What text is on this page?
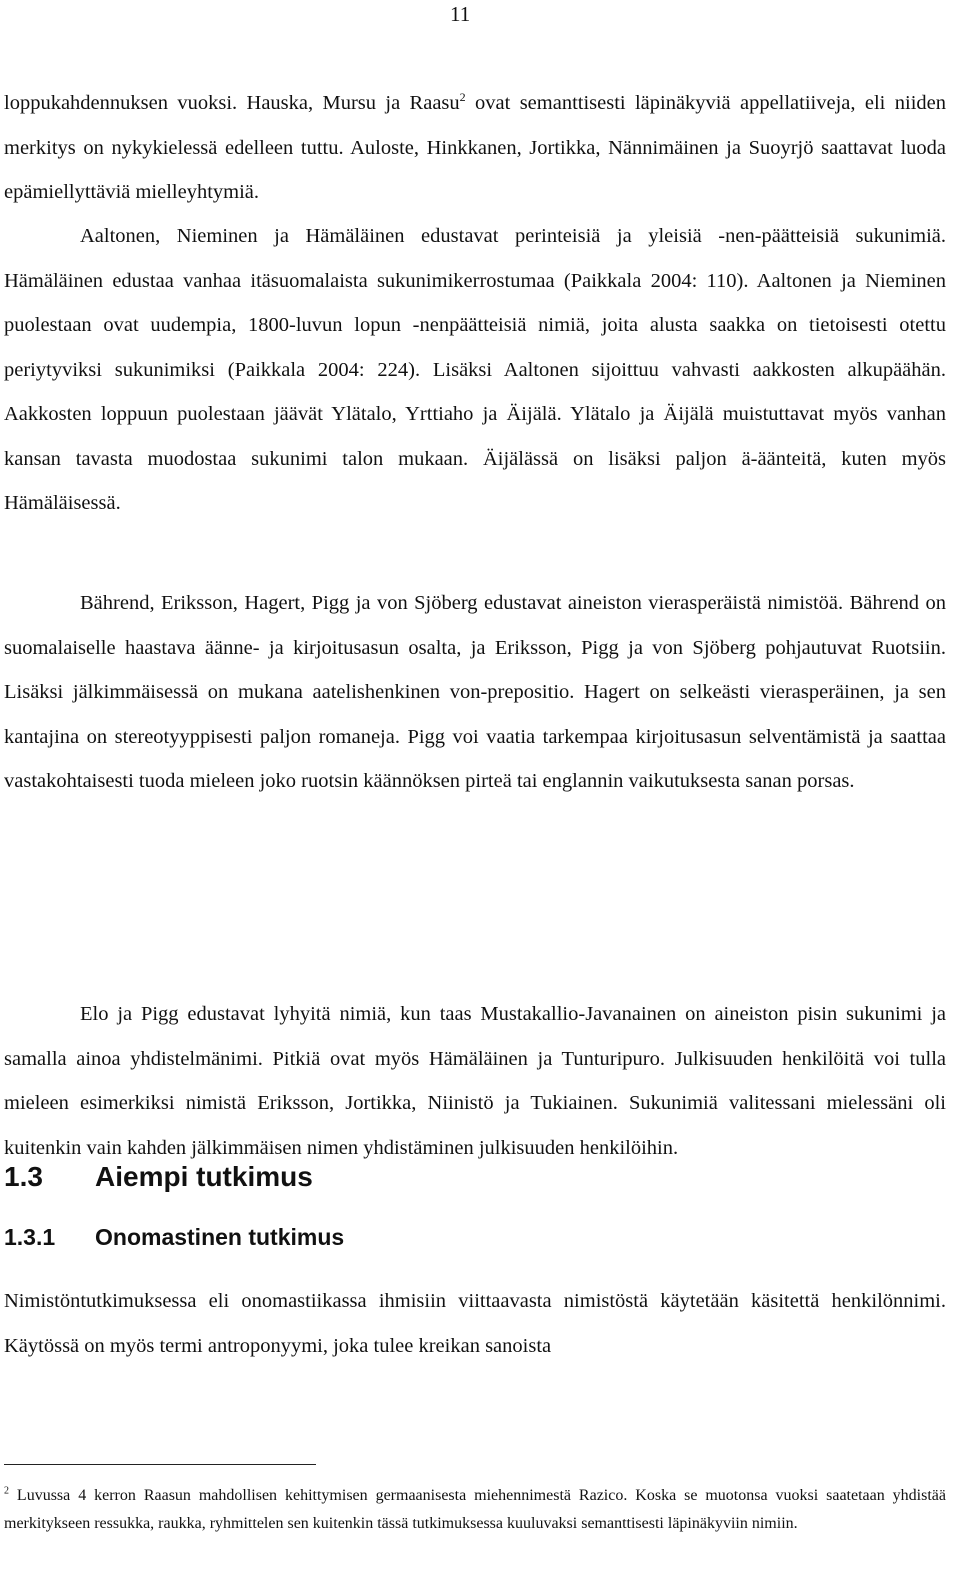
11

loppukahdennuksen vuoksi. Hauska, Mursu ja Raasu$^2$ ovat semanttisesti läpinäkyviä appellatiiveja, eli niiden merkitys on nykykielessä edelleen tuttu. Auloste, Hinkkanen, Jortikka, Nännimäinen ja Suoyrjö saattavat luoda epämiellyttäviä mielleyhtymiä.

Aaltonen, Nieminen ja Hämäläinen edustavat perinteisiä ja yleisiä -nen-päätteisiä sukunimiä. Hämäläinen edustaa vanhaa itäsuomalaista sukunimikerrostumaa (Paikkala 2004: 110). Aaltonen ja Nieminen puolestaan ovat uudempia, 1800-luvun lopun -nenpäätteisiä nimiä, joita alusta saakka on tietoisesti otettu periytyviksi sukunimiksi (Paikkala 2004: 224). Lisäksi Aaltonen sijoittuu vahvasti aakkosten alkupäähän. Aakkosten loppuun puolestaan jäävät Ylätalo, Yrttiaho ja Äijälä. Ylätalo ja Äijälä muistuttavat myös vanhan kansan tavasta muodostaa sukunimi talon mukaan. Äijälässä on lisäksi paljon ä-äänteitä, kuten myös Hämäläisessä.

Bährend, Eriksson, Hagert, Pigg ja von Sjöberg edustavat aineiston vierasperäistä nimistöä. Bährend on suomalaiselle haastava äänne- ja kirjoitusasun osalta, ja Eriksson, Pigg ja von Sjöberg pohjautuvat Ruotsiin. Lisäksi jälkimmäisessä on mukana aatelishenkinen von-prepositio. Hagert on selkeästi vierasperäinen, ja sen kantajina on stereotyyppisesti paljon romaneja. Pigg voi vaatia tarkempaa kirjoitusasun selventämistä ja saattaa vastakohtaisesti tuoda mieleen joko ruotsin käännöksen pirteä tai englannin vaikutuksesta sanan porsas.

Elo ja Pigg edustavat lyhyitä nimiä, kun taas Mustakallio-Javanainen on aineiston pisin sukunimi ja samalla ainoa yhdistelmänimi. Pitkiä ovat myös Hämäläinen ja Tunturipuro. Julkisuuden henkilöitä voi tulla mieleen esimerkiksi nimistä Eriksson, Jortikka, Niinistö ja Tukiainen. Sukunimiä valitessani mielessäni oli kuitenkin vain kahden jälkimmäisen nimen yhdistäminen julkisuuden henkilöihin.

1.3 Aiempi tutkimus
1.3.1 Onomastinen tutkimus

Nimistöntutkimuksessa eli onomastiikassa ihmisiin viittaavasta nimistöstä käytetään käsitettä henkilönnimi. Käytössä on myös termi antroponyymi, joka tulee kreikan sanoista

$^2$ Luvussa 4 kerron Raasun mahdollisen kehittymisen germaanisesta miehennimestä Razico. Koska se muotonsa vuoksi saatetaan yhdistää merkitykseen ressukka, raukka, ryhmittelen sen kuitenkin tässä tutkimuksessa kuuluvaksi semanttisesti läpinäkyviin nimiin.
